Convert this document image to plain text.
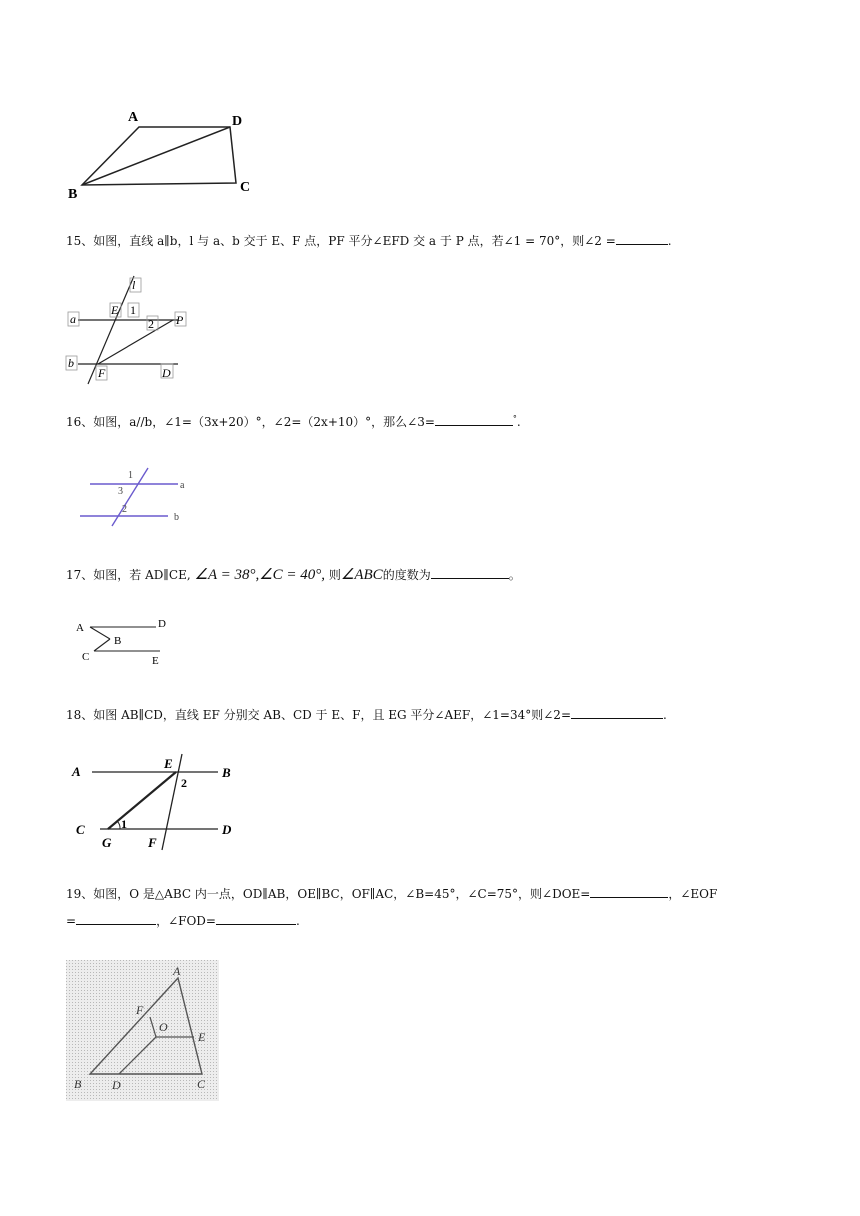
A	D
B	C
15、如图，直线 a∥b，l 与 a、b 交于 E、F 点，PF 平分∠EFD 交 a 于 P 点，若∠1 = 70°，则∠2 =	.
l
a
E 1
2 P
b
F	D
16、如图，a//b，∠1=（3x+20）°，∠2=（2x+10）°，那么∠3=	°.
1
3
2
a
b
17、如图，若 AD∥CE, ∠A = 38°,∠C = 40°, 则∠ABC的度数为	。
A	D
B
C	E
18、如图 AB∥CD，直线 EF 分别交 AB、CD 于 E、F，且 EG 平分∠AEF，∠1=34°则∠2=	.
A
E
B
2
C	1	D
G	F
19、如图，O 是△ABC 内一点，OD∥AB，OE∥BC，OF∥AC，∠B=45°，∠C=75°，则∠DOE=	，∠EOF
=	，∠FOD=	.
A
F
O
E
B	D	C
